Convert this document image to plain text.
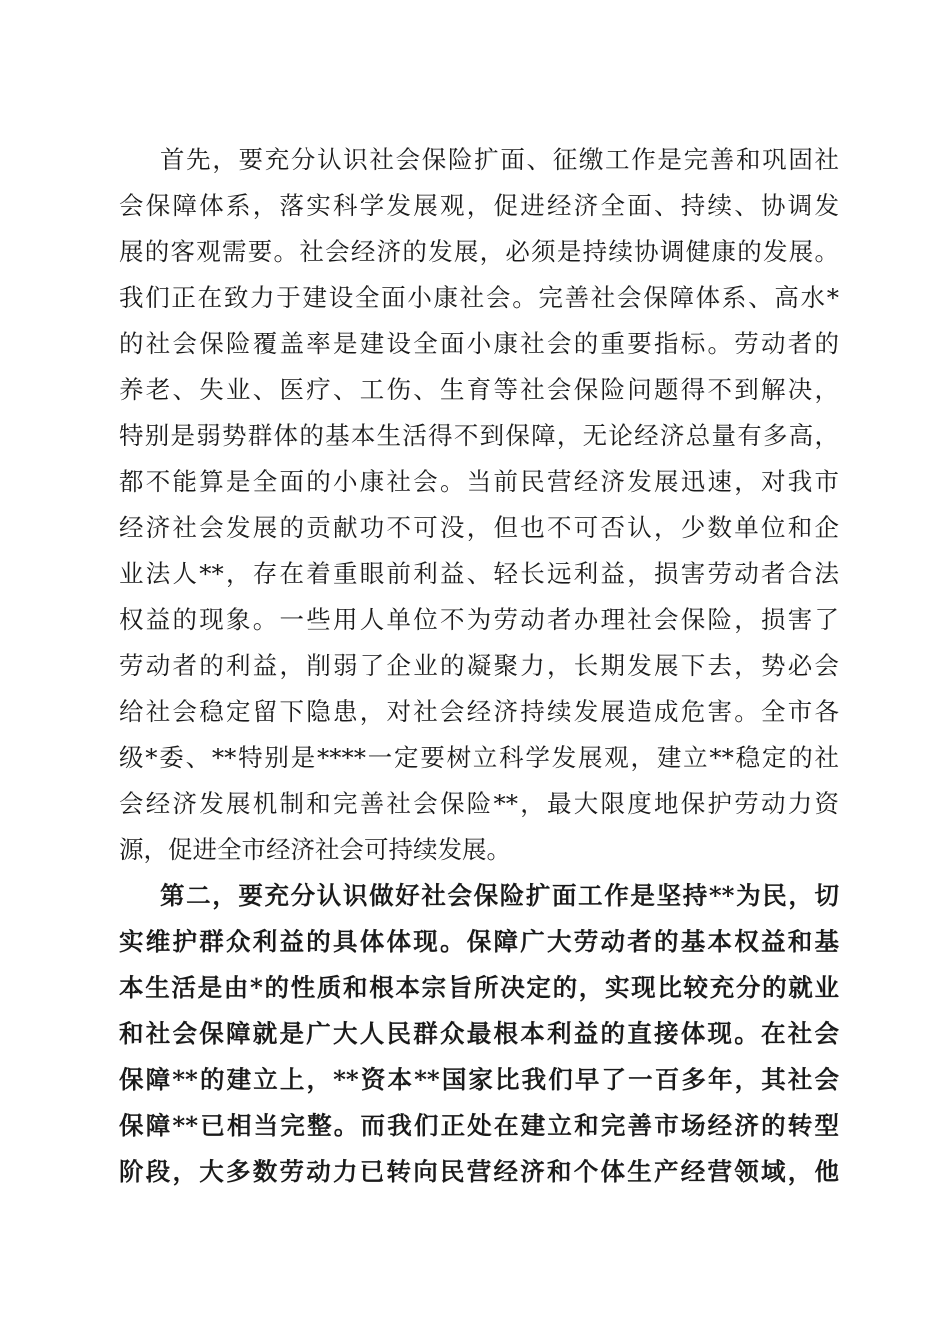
首先，要充分认识社会保险扩面、征缴工作是完善和巩固社
会保障体系，落实科学发展观，促进经济全面、持续、协调发
展的客观需要。社会经济的发展，必须是持续协调健康的发展。
我们正在致力于建设全面小康社会。完善社会保障体系、高水*
的社会保险覆盖率是建设全面小康社会的重要指标。劳动者的
养老、失业、医疗、工伤、生育等社会保险问题得不到解决，
特别是弱势群体的基本生活得不到保障，无论经济总量有多高，
都不能算是全面的小康社会。当前民营经济发展迅速，对我市
经济社会发展的贡献功不可没，但也不可否认，少数单位和企
业法人**，存在着重眼前利益、轻长远利益，损害劳动者合法
权益的现象。一些用人单位不为劳动者办理社会保险，损害了
劳动者的利益，削弱了企业的凝聚力，长期发展下去，势必会
给社会稳定留下隐患，对社会经济持续发展造成危害。全市各
级*委、**特别是****一定要树立科学发展观，建立**稳定的社
会经济发展机制和完善社会保险**，最大限度地保护劳动力资
源，促进全市经济社会可持续发展。
第二，要充分认识做好社会保险扩面工作是坚持**为民，切
实维护群众利益的具体体现。保障广大劳动者的基本权益和基
本生活是由*的性质和根本宗旨所决定的，实现比较充分的就业
和社会保障就是广大人民群众最根本利益的直接体现。在社会
保障**的建立上，**资本**国家比我们早了一百多年，其社会
保障**已相当完整。而我们正处在建立和完善市场经济的转型
阶段，大多数劳动力已转向民营经济和个体生产经营领域，他
